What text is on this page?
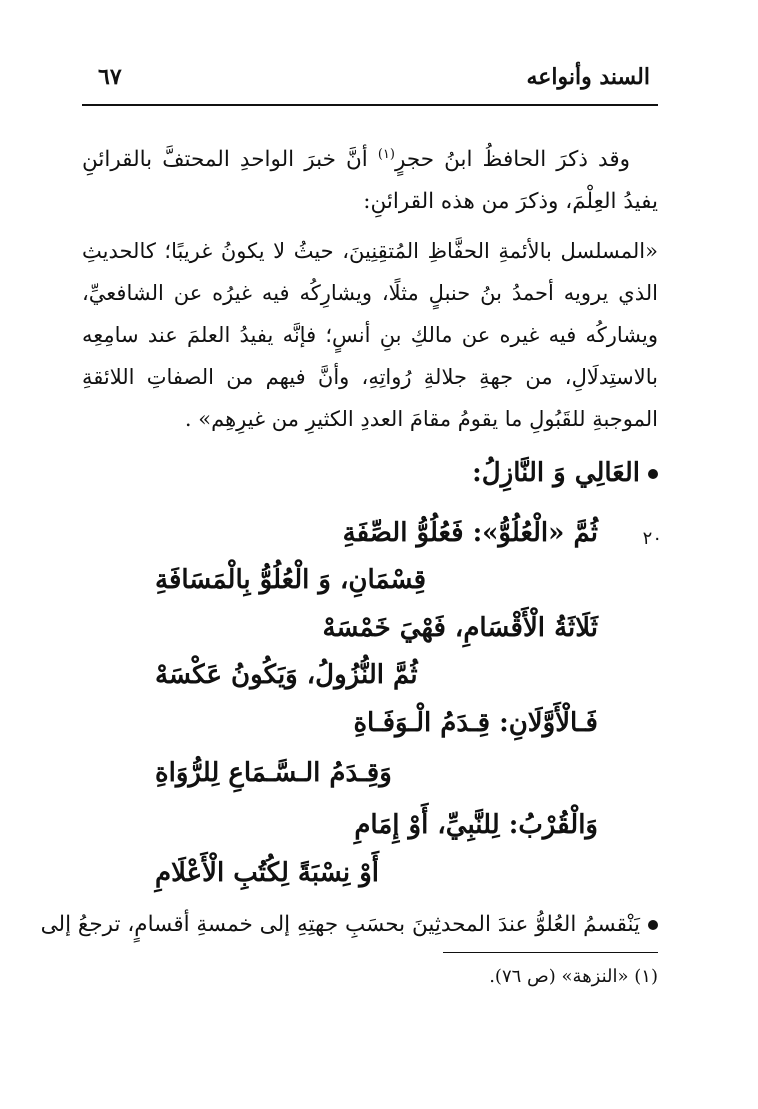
السند وأنواعه
٦٧
وقد ذكرَ الحافظُ ابنُ حجرٍ$^{(١)}$ أنَّ خبرَ الواحدِ المحتفَّ بالقرائنِ يفيدُ العِلْمَ، وذكرَ من هذه القرائنِ:
«المسلسل بالأئمةِ الحفَّاظِ المُتقِنِينَ، حيثُ لا يكونُ غريبًا؛ كالحديثِ الذي يرويه أحمدُ بنُ حنبلٍ مثلًا، ويشارِكُه فيه غيرُه عن الشافعيِّ، ويشاركُه فيه غيره عن مالكِ بنِ أنسٍ؛ فإنَّه يفيدُ العلمَ عند سامِعِه بالاستِدلَالِ، من جهةِ جلالةِ رُواتِهِ، وأنَّ فيهم من الصفاتِ اللائقةِ الموجبةِ للقَبُولِ ما يقومُ مقامَ العددِ الكثيرِ من غيرِهِم» .
العَالِي وَ النَّازِلُ:
٢٠
ثُمَّ «الْعُلُوُّ»: فَعُلُوُّ الصِّفَةِ
قِسْمَانِ، وَ الْعُلُوُّ بِالْمَسَافَةِ
ثَلَاثَةُ الْأَقْسَامِ، فَهْيَ خَمْسَهْ
ثُمَّ النُّزُولُ، وَيَكُونُ عَكْسَهْ
فَـالْأَوَّلَانِ: قِـدَمُ الْـوَفَـاةِ
وَقِـدَمُ الـسَّـمَاعِ لِلرُّوَاةِ
وَالْقُرْبُ: لِلنَّبِيِّ، أَوْ إِمَامِ
أَوْ نِسْبَةً لِكُتُبِ الْأَعْلَامِ
يَنْقسمُ العُلوُّ عندَ المحدثِينَ بحسَبِ جهتِهِ إلى خمسةِ أقسامٍ، ترجعُ إلى
(١) «النزهة» (ص ٧٦).
